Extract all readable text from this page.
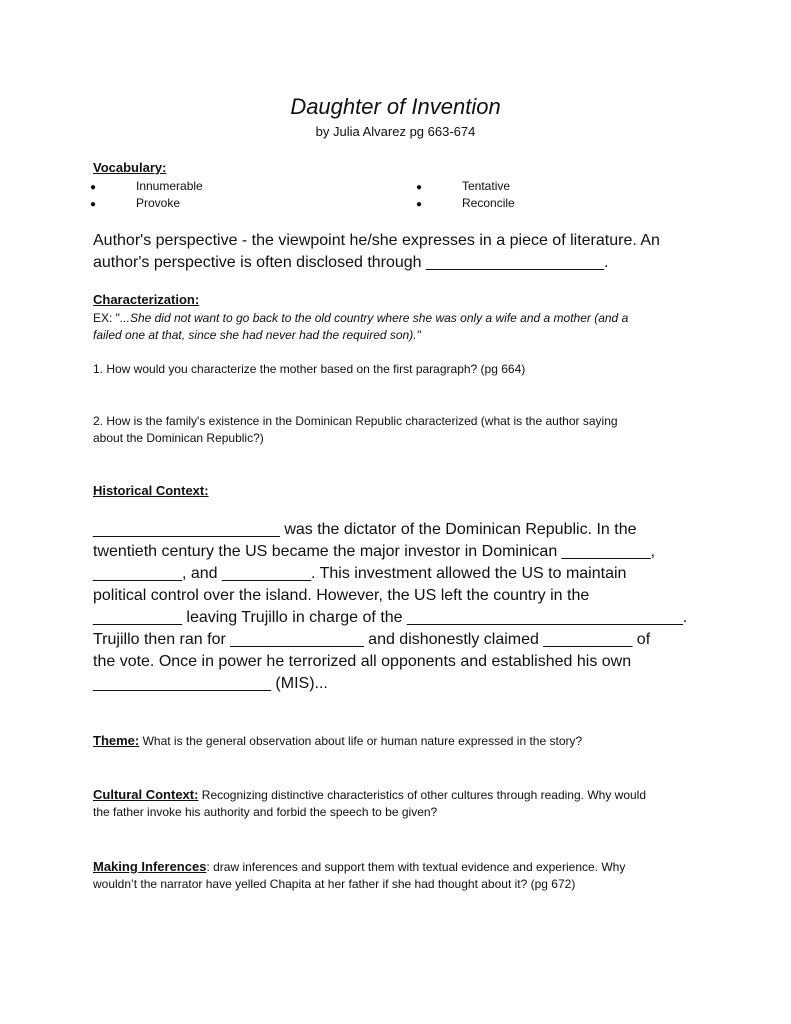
Daughter of Invention
by Julia Alvarez pg 663-674
Vocabulary:
●	Innumerable
●	Provoke
●	Tentative
●	Reconcile
Author's perspective - the viewpoint he/she expresses in a piece of literature. An
author's perspective is often disclosed through ____________________.
Characterization:
EX: "...She did not want to go back to the old country where she was only a wife and a mother (and a
failed one at that, since she had never had the required son)."
1. How would you characterize the mother based on the first paragraph? (pg 664)
2. How is the family's existence in the Dominican Republic characterized (what is the author saying
about the Dominican Republic?)
Historical Context:

_____________________ was the dictator of the Dominican Republic. In the

twentieth century the US became the major investor in Dominican __________,

__________, and __________. This investment allowed the US to maintain

political control over the island. However, the US left the country in the

__________ leaving Trujillo in charge of the _______________________________.

Trujillo then ran for _______________ and dishonestly claimed __________ of

the vote. Once in power he terrorized all opponents and established his own

____________________ (MIS)...

Theme: What is the general observation about life or human nature expressed in the story?
Cultural Context: Recognizing distinctive characteristics of other cultures through reading. Why would
the father invoke his authority and forbid the speech to be given?
Making Inferences: draw inferences and support them with textual evidence and experience. Why
wouldn’t the narrator have yelled Chapita at her father if she had thought about it? (pg 672)
